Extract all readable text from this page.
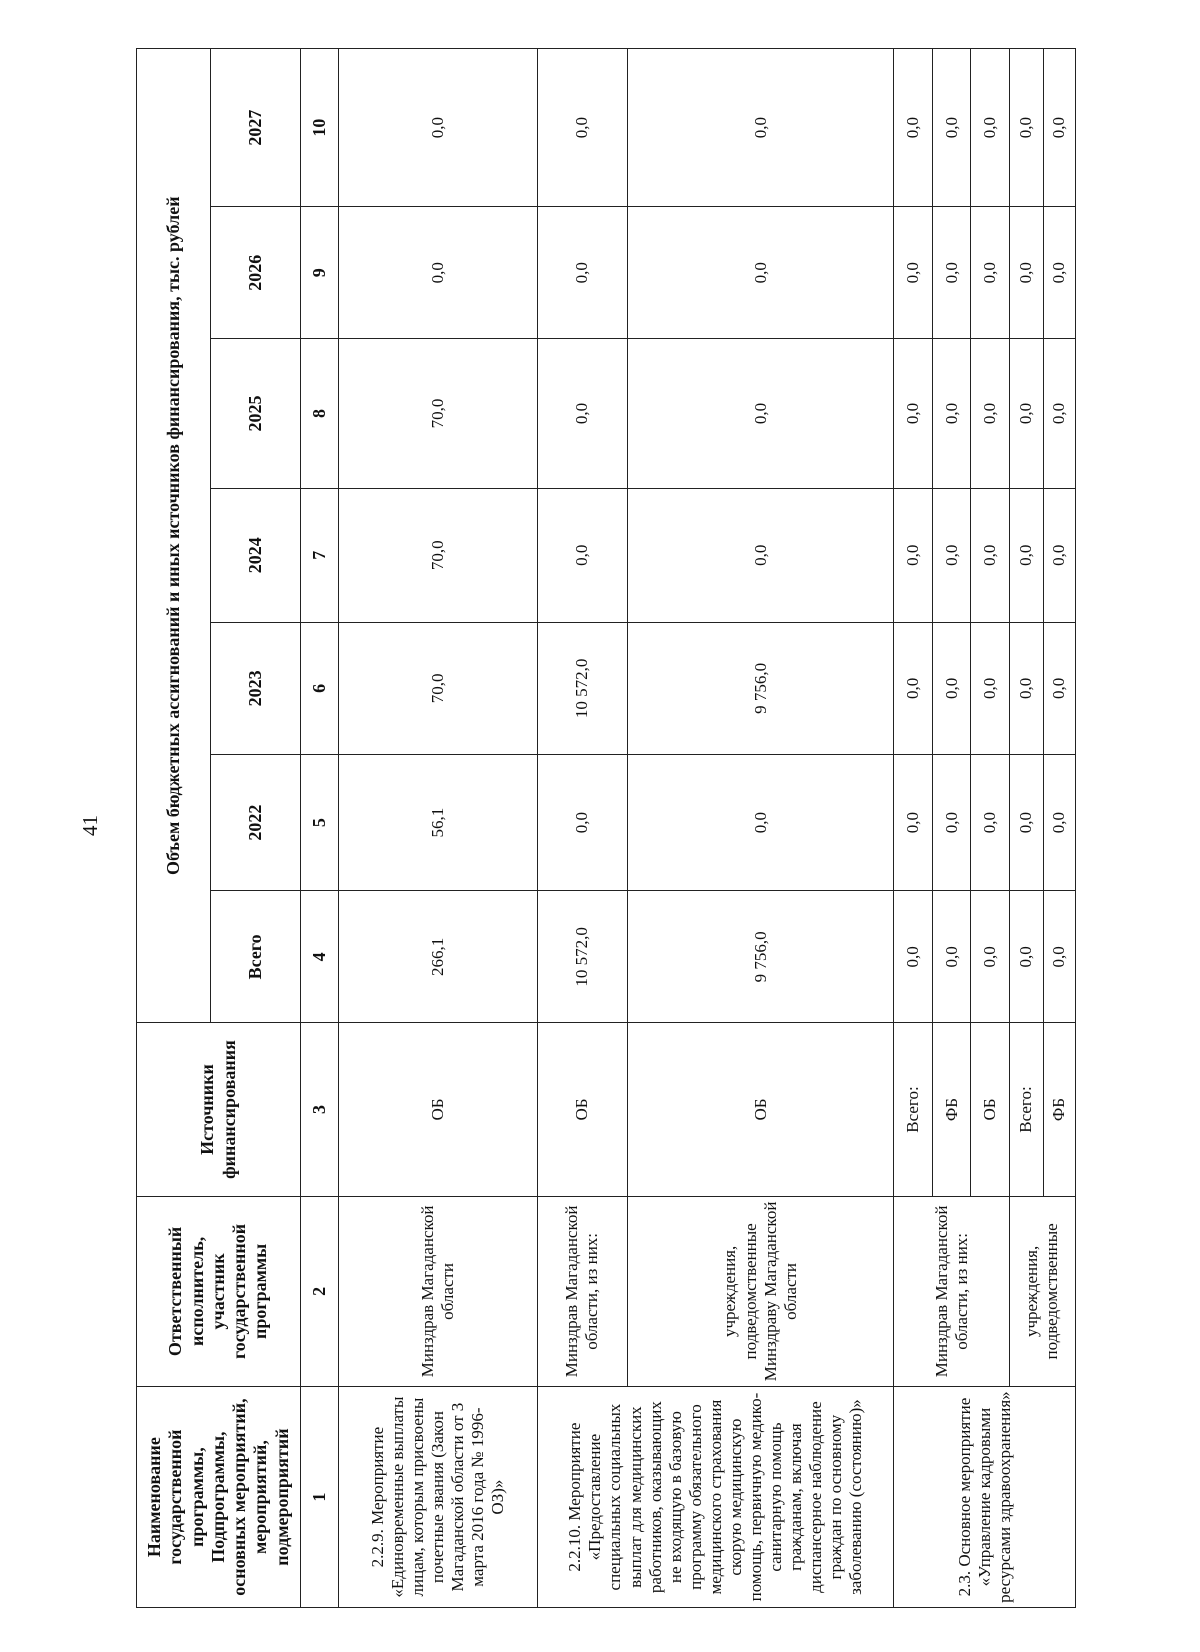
41
Наименование государственной программы, Подпрограммы, основных мероприятий, мероприятий, подмероприятий	Ответственный исполнитель, участник государственной программы	Источники финансирования	Объем бюджетных ассигнований и иных источников финансирования, тыс. рублей						
			Всего	2022	2023	2024	2025	2026	2027
1	2	3	4	5	6	7	8	9	10
2.2.9. Мероприятие «Единовременные выплаты лицам, которым присвоены почетные звания (Закон Магаданской области от 3 марта 2016 года № 1996-ОЗ)»	Минздрав Магаданской области	ОБ	266,1	56,1	70,0	70,0	70,0	0,0	0,0
2.2.10. Мероприятие «Предоставление специальных социальных выплат для медицинских работников, оказывающих не входящую в базовую программу обязательного медицинского страхования скорую медицинскую помощь, первичную медико-санитарную помощь гражданам, включая диспансерное наблюдение граждан по основному заболеванию (состоянию)»	Минздрав Магаданской области, из них:	ОБ	10 572,0	0,0	10 572,0	0,0	0,0	0,0	0,0
	учреждения, подведомственные Минздраву Магаданской области	ОБ	9 756,0	0,0	9 756,0	0,0	0,0	0,0	0,0
2.3. Основное мероприятие «Управление кадровыми ресурсами здравоохранения»	Минздрав Магаданской области, из них:	Всего:	0,0	0,0	0,0	0,0	0,0	0,0	0,0
		ФБ	0,0	0,0	0,0	0,0	0,0	0,0	0,0
		ОБ	0,0	0,0	0,0	0,0	0,0	0,0	0,0
	учреждения, подведомственные	Всего:	0,0	0,0	0,0	0,0	0,0	0,0	0,0
		ФБ	0,0	0,0	0,0	0,0	0,0	0,0	0,0
